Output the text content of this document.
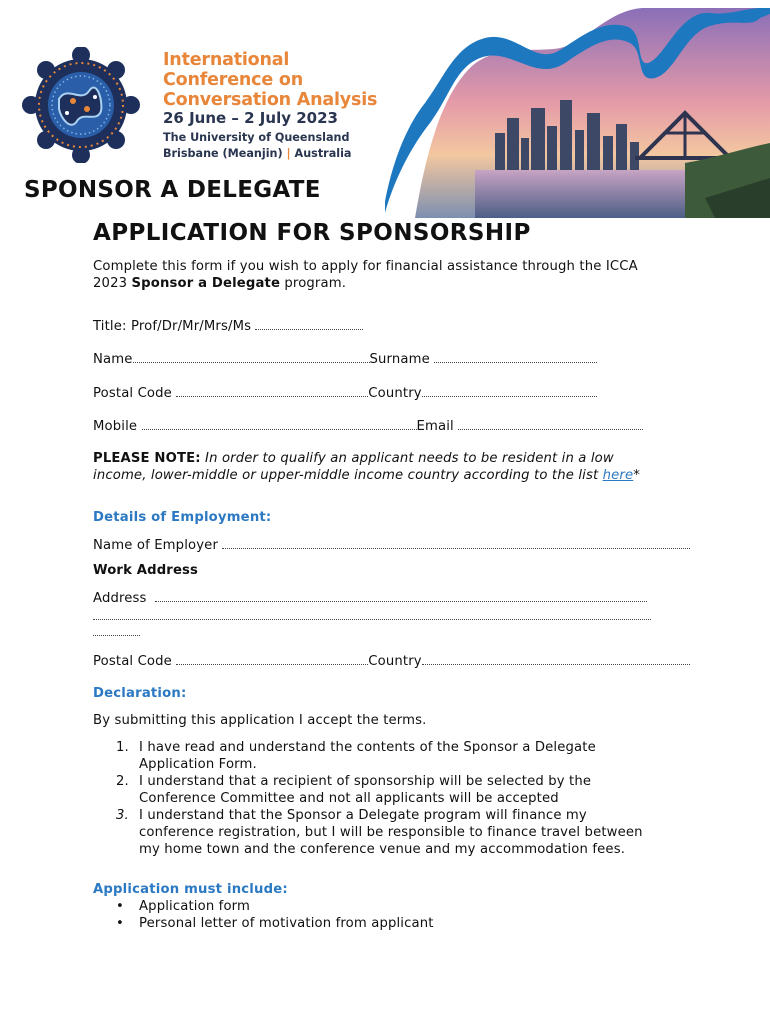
International
Conference on
Conversation Analysis
26 June – 2 July 2023
The University of Queensland
Brisbane (Meanjin) | Australia
SPONSOR A DELEGATE
APPLICATION FOR SPONSORSHIP
Complete this form if you wish to apply for financial assistance through the ICCA
2023 Sponsor a Delegate program.
Title: Prof/Dr/Mr/Mrs/Ms
Name	Surname
Postal Code	Country
Mobile	Email
PLEASE NOTE: In order to qualify an applicant needs to be resident in a low
income, lower-middle or upper-middle income country according to the list here*
Details of Employment:
Name of Employer
Work Address
Address
Postal Code	Country
Declaration:
By submitting this application I accept the terms.
1. I have read and understand the contents of the Sponsor a Delegate
Application Form.
2. I understand that a recipient of sponsorship will be selected by the
Conference Committee and not all applicants will be accepted
3. I understand that the Sponsor a Delegate program will finance my
conference registration, but I will be responsible to finance travel between
my home town and the conference venue and my accommodation fees.
Application must include:
• Application form
• Personal letter of motivation from applicant
